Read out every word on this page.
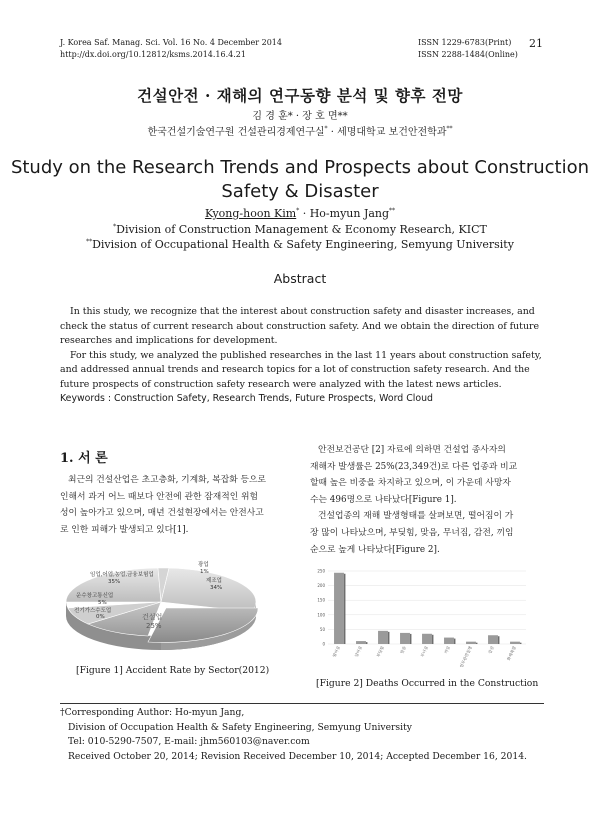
J. Korea Saf. Manag. Sci. Vol. 16 No. 4 December 2014
http://dx.doi.org/10.12812/ksms.2014.16.4.21
ISSN 1229-6783(Print)
ISSN 2288-1484(Online)
21
건설안전 · 재해의 연구동향 분석 및 향후 전망
김 경 훈* · 장 호 면**
한국건설기술연구원 건설관리경제연구실* · 세명대학교 보건안전학과**
Study on the Research Trends and Prospects about Construction
Safety & Disaster
Kyong-hoon Kim* · Ho-myun Jang**
*Division of Construction Management & Economy Research, KICT
**Division of Occupational Health & Safety Engineering, Semyung University
Abstract
In this study, we recognize that the interest about construction safety and disaster increases, and
check the status of current research about construction safety. And we obtain the direction of future
researches and implications for development.
For this study, we analyzed the published researches in the last 11 years about construction safety,
and addressed annual trends and research topics for a lot of construction safety research. And the
future prospects of construction safety research were analyzed with the latest news articles.
Keywords : Construction Safety, Research Trends, Future Prospects, Word Cloud
1. 서 론
최근의 건설산업은 초고층화, 기계화, 복잡화 등으로
인해서 과거 어느 때보다 안전에 관한 잠재적인 위험
성이 높아가고 있으며, 매년 건설현장에서는 안전사고
로 인한 피해가 발생되고 있다[1].
안전보건공단 [2] 자료에 의하면 건설업 종사자의
재해자 발생률은 25%(23,349건)로 다른 업종과 비교
할때 높은 비중을 차지하고 있으며, 이 가운데 사망자
수는 496명으로 나타났다[Figure 1].
건설업종의 재해 발생형태를 살펴보면, 떨어짐이 가
장 많이 나타났으며, 부딪힘, 맞음, 무너짐, 감전, 끼임
순으로 높게 나타났다[Figure 2].
광업
1%
제조업
34%
건설업
25%
전기가스수도업
0%
운수창고통신업
5%
임업,어업,농업,금융보험업
35%
[Figure 1] Accident Rate by Sector(2012)
0
50
100
150
200
250
떨어짐	넘어짐	부딪힘	맞음	무너짐	끼임 업무관련질병	감전	화재폭발
[Figure 2] Deaths Occurred in the Construction
†Corresponding Author: Ho-myun Jang,
Division of Occupation Health & Safety Engineering, Semyung University
Tel: 010-5290-7507, E-mail: jhm560103@naver.com
Received October 20, 2014; Revision Received December 10, 2014; Accepted December 16, 2014.
